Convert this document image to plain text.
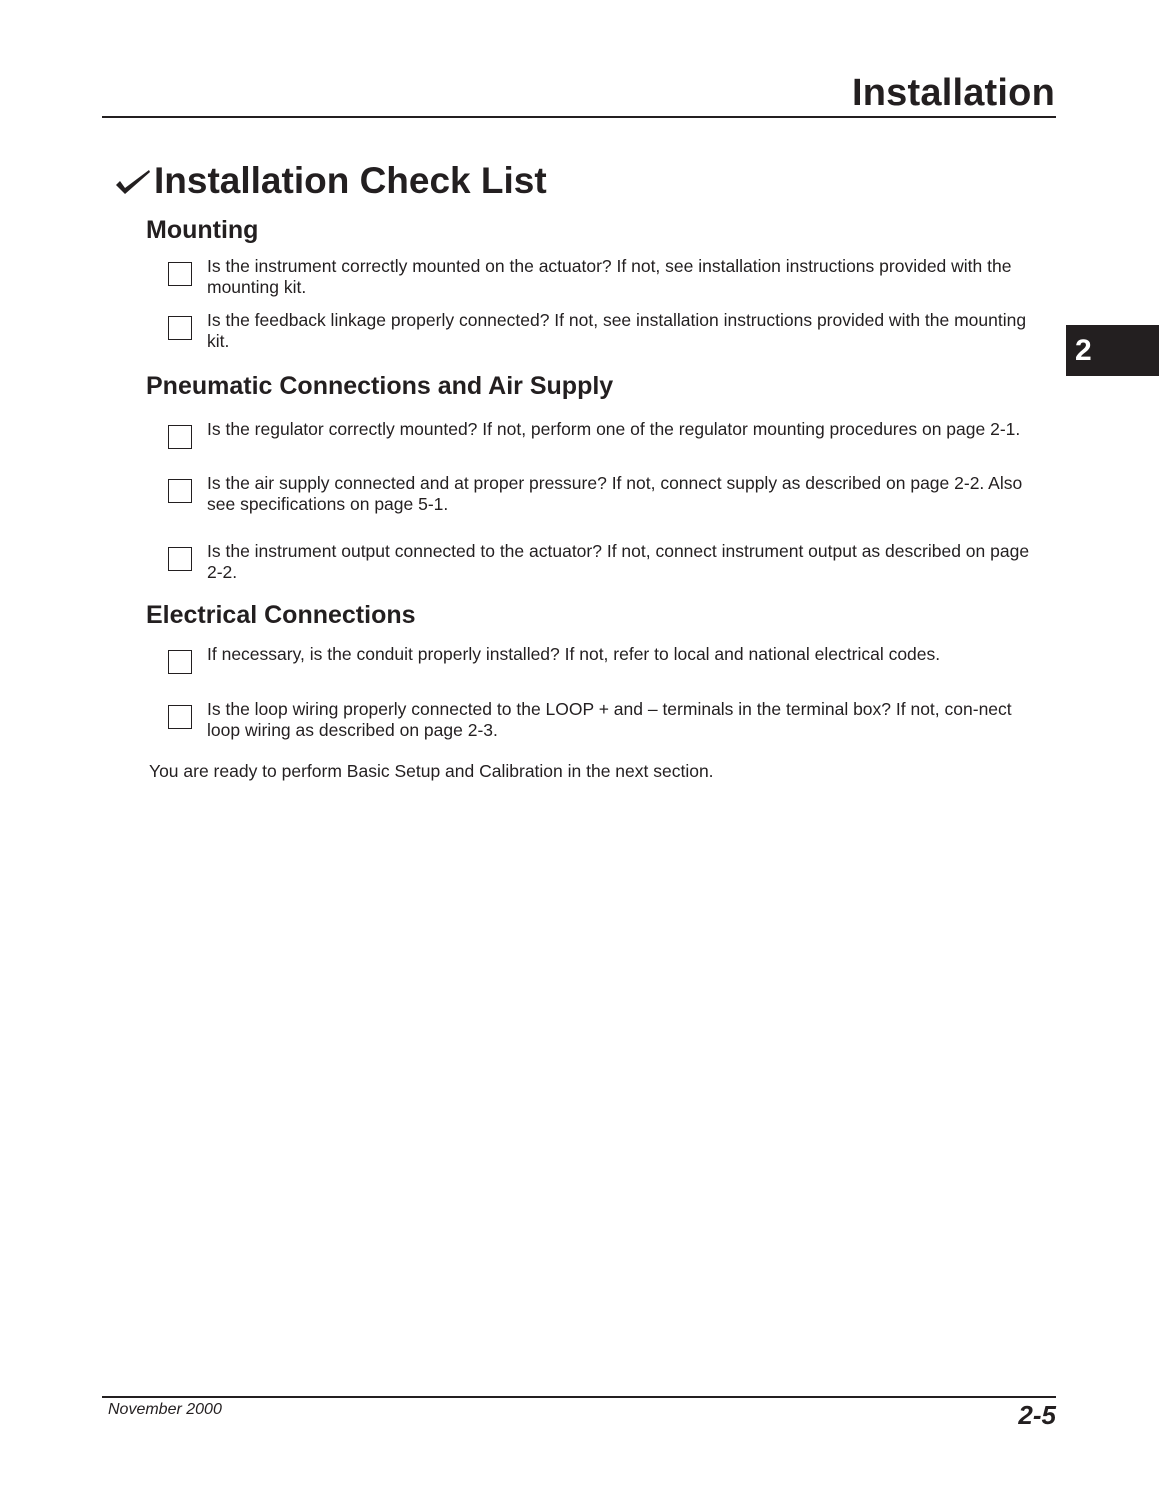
Installation
Installation Check List
Mounting
Is the instrument correctly mounted on the actuator? If not, see installation instructions provided with the mounting kit.
Is the feedback linkage properly connected? If not, see installation instructions provided with the mounting kit.
Pneumatic Connections and Air Supply
Is the regulator correctly mounted? If not, perform one of the regulator mounting procedures on page 2-1.
Is the air supply connected and at proper pressure? If not, connect supply as described on page 2-2. Also see specifications on page 5-1.
Is the instrument output connected to the actuator? If not, connect instrument output as described on page 2-2.
Electrical Connections
If necessary, is the conduit properly installed? If not, refer to local and national electrical codes.
Is the loop wiring properly connected to the LOOP + and – terminals in the terminal box? If not, con-nect loop wiring as described on page 2-3.
You are ready to perform Basic Setup and Calibration in the next section.
2
November 2000	2-5
